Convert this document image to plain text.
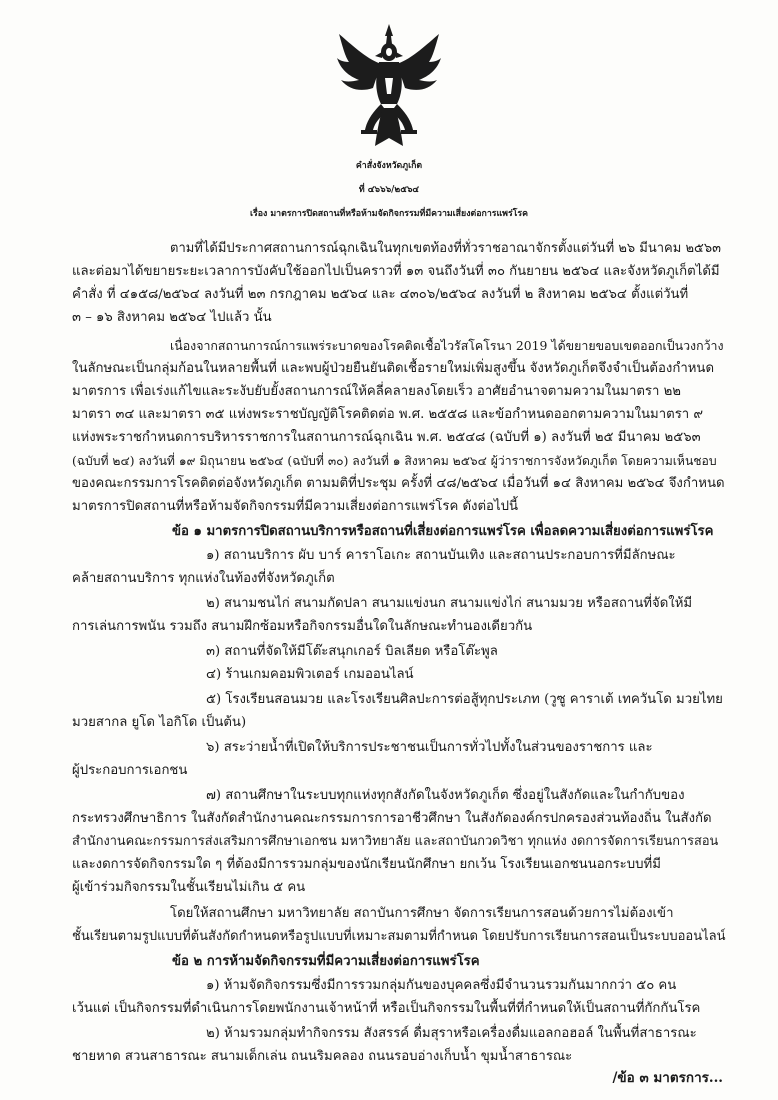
คำสั่งจังหวัดภูเก็ต
ที่ ๔๖๖๖/๒๕๖๔
เรื่อง มาตรการปิดสถานที่หรือห้ามจัดกิจกรรมที่มีความเสี่ยงต่อการแพร่โรค
ตามที่ได้มีประกาศสถานการณ์ฉุกเฉินในทุกเขตท้องที่ทั่วราชอาณาจักรตั้งแต่วันที่ ๒๖ มีนาคม ๒๕๖๓
และต่อมาได้ขยายระยะเวลาการบังคับใช้ออกไปเป็นคราวที่ ๑๓ จนถึงวันที่ ๓๐ กันยายน ๒๕๖๔ และจังหวัดภูเก็ตได้มี
คำสั่ง ที่ ๔๑๕๘/๒๕๖๔ ลงวันที่ ๒๓ กรกฎาคม ๒๕๖๔ และ ๔๓๐๖/๒๕๖๔ ลงวันที่ ๒ สิงหาคม ๒๕๖๔ ตั้งแต่วันที่
๓ – ๑๖ สิงหาคม ๒๕๖๔ ไปแล้ว นั้น
เนื่องจากสถานการณ์การแพร่ระบาดของโรคติดเชื้อไวรัสโคโรนา 2019 ได้ขยายขอบเขตออกเป็นวงกว้าง
ในลักษณะเป็นกลุ่มก้อนในหลายพื้นที่ และพบผู้ป่วยยืนยันติดเชื้อรายใหม่เพิ่มสูงขึ้น จังหวัดภูเก็ตจึงจำเป็นต้องกำหนด
มาตรการ เพื่อเร่งแก้ไขและระงับยับยั้งสถานการณ์ให้คลี่คลายลงโดยเร็ว อาศัยอำนาจตามความในมาตรา ๒๒
มาตรา ๓๔ และมาตรา ๓๕ แห่งพระราชบัญญัติโรคติดต่อ พ.ศ. ๒๕๕๘ และข้อกำหนดออกตามความในมาตรา ๙
แห่งพระราชกำหนดการบริหารราชการในสถานการณ์ฉุกเฉิน พ.ศ. ๒๕๔๘ (ฉบับที่ ๑) ลงวันที่ ๒๕ มีนาคม ๒๕๖๓
(ฉบับที่ ๒๔) ลงวันที่ ๑๙ มิถุนายน ๒๕๖๔ (ฉบับที่ ๓๐) ลงวันที่ ๑ สิงหาคม ๒๕๖๔ ผู้ว่าราชการจังหวัดภูเก็ต โดยความเห็นชอบ
ของคณะกรรมการโรคติดต่อจังหวัดภูเก็ต ตามมติที่ประชุม ครั้งที่ ๔๘/๒๕๖๔ เมื่อวันที่ ๑๔ สิงหาคม ๒๕๖๔ จึงกำหนด
มาตรการปิดสถานที่หรือห้ามจัดกิจกรรมที่มีความเสี่ยงต่อการแพร่โรค ดังต่อไปนี้
ข้อ ๑ มาตรการปิดสถานบริการหรือสถานที่เสี่ยงต่อการแพร่โรค เพื่อลดความเสี่ยงต่อการแพร่โรค
๑) สถานบริการ ผับ บาร์ คาราโอเกะ สถานบันเทิง และสถานประกอบการที่มีลักษณะ
คล้ายสถานบริการ ทุกแห่งในท้องที่จังหวัดภูเก็ต
๒) สนามชนไก่ สนามกัดปลา สนามแข่งนก สนามแข่งไก่ สนามมวย หรือสถานที่จัดให้มี
การเล่นการพนัน รวมถึง สนามฝึกซ้อมหรือกิจกรรมอื่นใดในลักษณะทำนองเดียวกัน
๓) สถานที่จัดให้มีโต๊ะสนุกเกอร์ บิลเลียด หรือโต๊ะพูล
๔) ร้านเกมคอมพิวเตอร์ เกมออนไลน์
๕) โรงเรียนสอนมวย และโรงเรียนศิลปะการต่อสู้ทุกประเภท (วูซู คาราเต้ เทควันโด มวยไทย
มวยสากล ยูโด ไอกิโด เป็นต้น)
๖) สระว่ายน้ำที่เปิดให้บริการประชาชนเป็นการทั่วไปทั้งในส่วนของราชการ และ
ผู้ประกอบการเอกชน
๗) สถานศึกษาในระบบทุกแห่งทุกสังกัดในจังหวัดภูเก็ต ซึ่งอยู่ในสังกัดและในกำกับของ
กระทรวงศึกษาธิการ ในสังกัดสำนักงานคณะกรรมการการอาชีวศึกษา ในสังกัดองค์กรปกครองส่วนท้องถิ่น ในสังกัด
สำนักงานคณะกรรมการส่งเสริมการศึกษาเอกชน มหาวิทยาลัย และสถาบันกวดวิชา ทุกแห่ง งดการจัดการเรียนการสอน
และงดการจัดกิจกรรมใด ๆ ที่ต้องมีการรวมกลุ่มของนักเรียนนักศึกษา ยกเว้น โรงเรียนเอกชนนอกระบบที่มี
ผู้เข้าร่วมกิจกรรมในชั้นเรียนไม่เกิน ๕ คน
โดยให้สถานศึกษา มหาวิทยาลัย สถาบันการศึกษา จัดการเรียนการสอนด้วยการไม่ต้องเข้า
ชั้นเรียนตามรูปแบบที่ต้นสังกัดกำหนดหรือรูปแบบที่เหมาะสมตามที่กำหนด โดยปรับการเรียนการสอนเป็นระบบออนไลน์
ข้อ ๒ การห้ามจัดกิจกรรมที่มีความเสี่ยงต่อการแพร่โรค
๑) ห้ามจัดกิจกรรมซึ่งมีการรวมกลุ่มกันของบุคคลซึ่งมีจำนวนรวมกันมากกว่า ๕๐ คน
เว้นแต่ เป็นกิจกรรมที่ดำเนินการโดยพนักงานเจ้าหน้าที่ หรือเป็นกิจกรรมในพื้นที่ที่กำหนดให้เป็นสถานที่กักกันโรค
๒) ห้ามรวมกลุ่มทำกิจกรรม สังสรรค์ ดื่มสุราหรือเครื่องดื่มแอลกอฮอล์ ในพื้นที่สาธารณะ
ชายหาด สวนสาธารณะ สนามเด็กเล่น ถนนริมคลอง ถนนรอบอ่างเก็บน้ำ ขุมน้ำสาธารณะ
/ข้อ ๓ มาตรการ...
